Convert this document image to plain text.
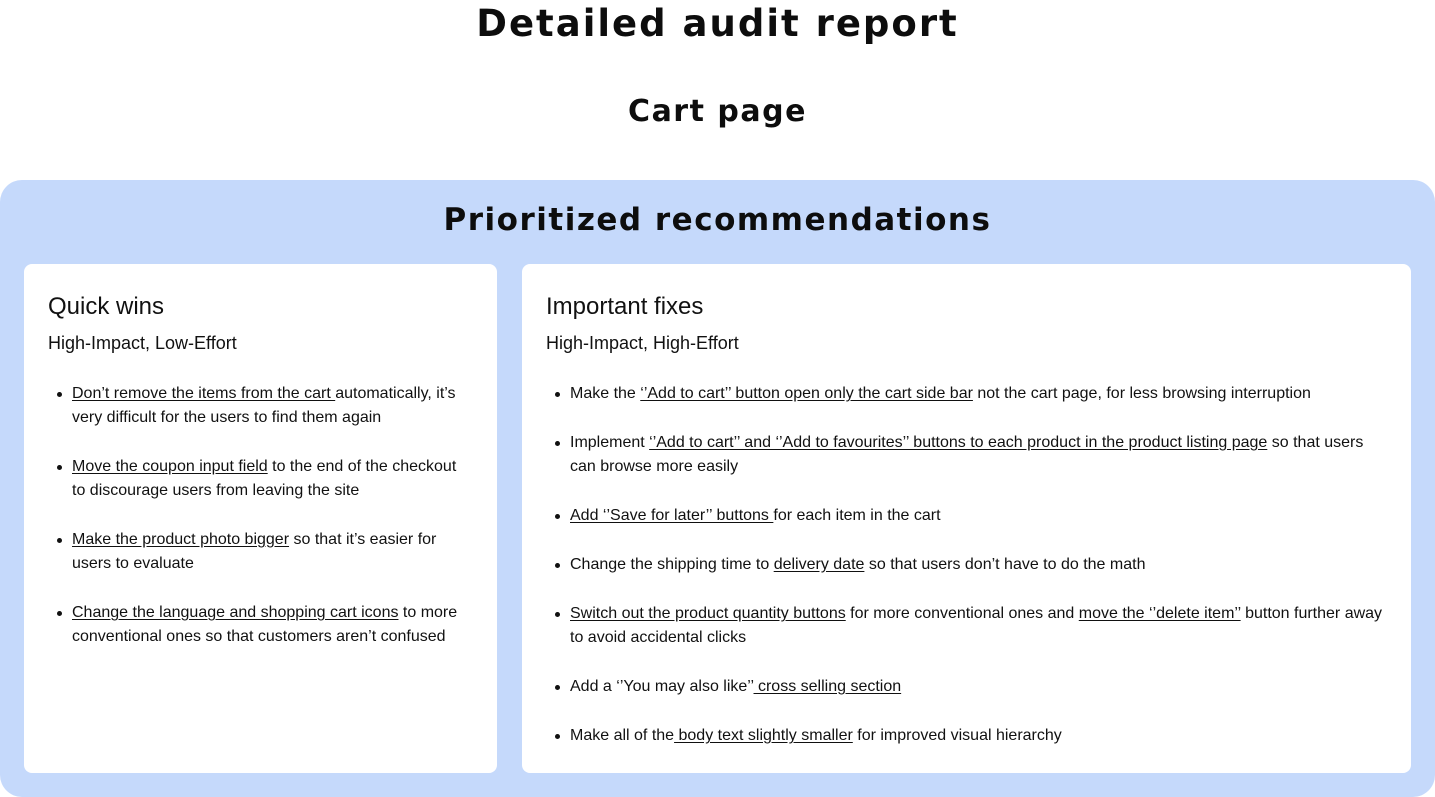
Detailed audit report
Cart page
Prioritized recommendations
Quick wins
High-Impact, Low-Effort
Don’t remove the items from the cart automatically, it’s very difficult for the users to find them again
Move the coupon input field to the end of the checkout to discourage users from leaving the site
Make the product photo bigger so that it’s easier for users to evaluate
Change the language and shopping cart icons to more conventional ones so that customers aren’t confused
Important fixes
High-Impact, High-Effort
Make the ‘’Add to cart’’ button open only the cart side bar not the cart page, for less browsing interruption
Implement ‘’Add to cart’’ and ‘’Add to favourites’’ buttons to each product in the product listing page so that users can browse more easily
Add ‘’Save for later’’ buttons for each item in the cart
Change the shipping time to delivery date so that users don’t have to do the math
Switch out the product quantity buttons for more conventional ones and move the ‘’delete item’’ button further away to avoid accidental clicks
Add a ‘’You may also like’’ cross selling section
Make all of the body text slightly smaller for improved visual hierarchy
